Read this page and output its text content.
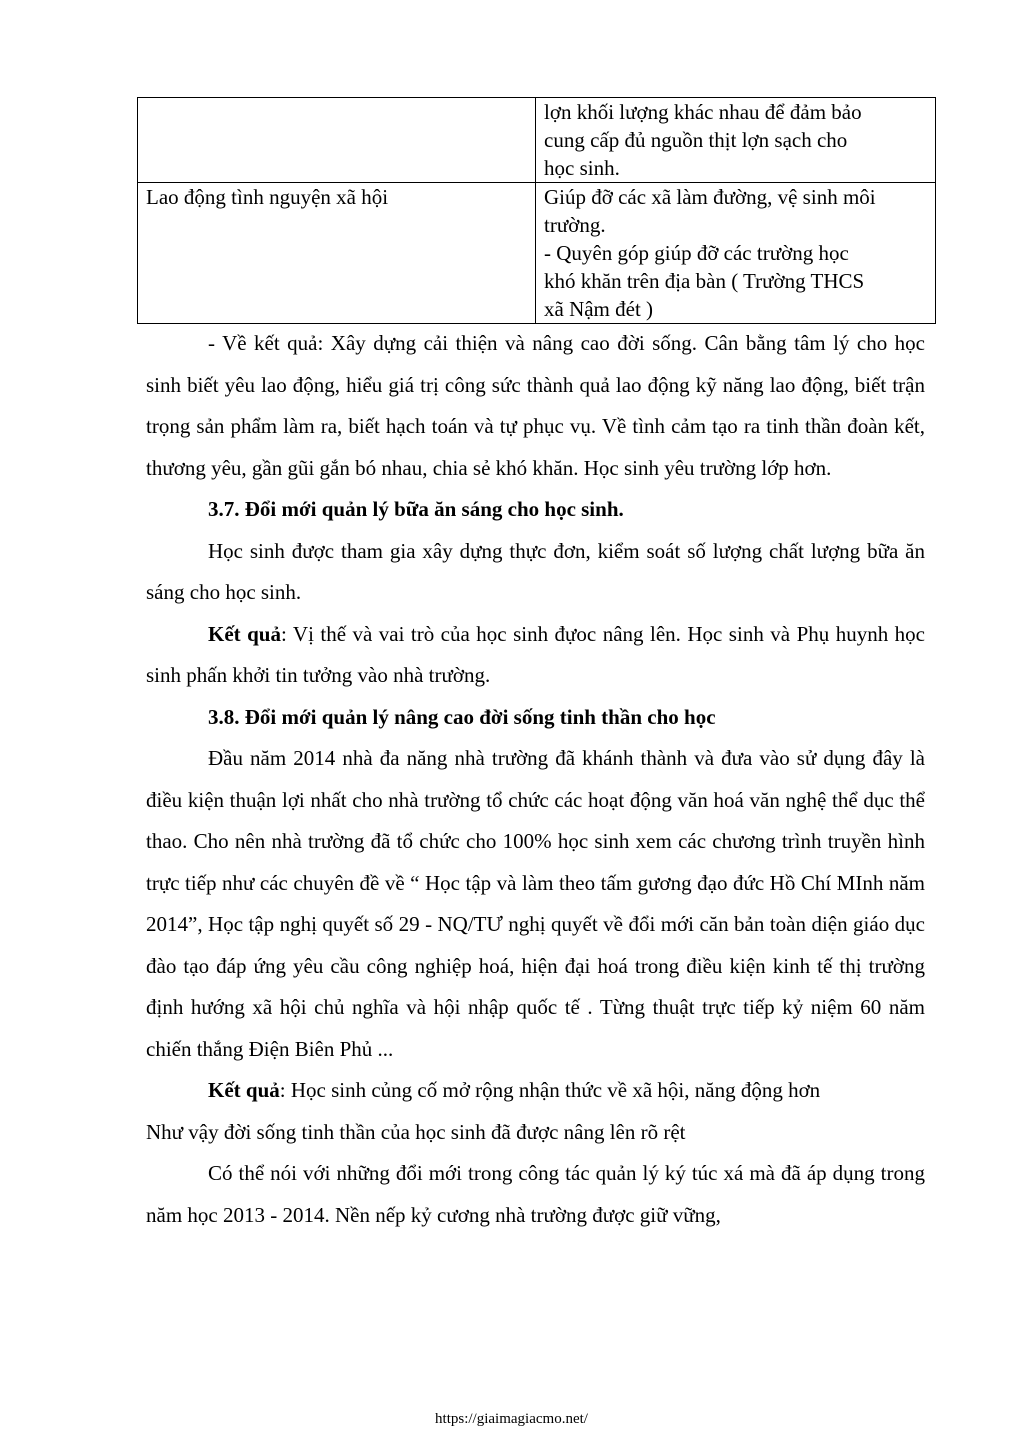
	lợn khối lượng khác nhau để đảm bảo
cung cấp đủ nguồn thịt lợn sạch cho
học sinh.

Lao động tình nguyện xã hội	Giúp đỡ các xã làm đường, vệ sinh môi
trường.
- Quyên góp giúp đỡ các trường học
khó khăn trên địa bàn ( Trường THCS
xã Nậm đét )

- Về kết quả: Xây dựng cải thiện và nâng cao đời sống. Cân bằng tâm lý cho học sinh biết yêu lao động, hiểu giá trị công sức thành quả lao động kỹ năng lao động, biết trận trọng sản phẩm làm ra, biết hạch toán và tự phục vụ. Về tình cảm tạo ra tinh thần đoàn kết, thương yêu, gần gũi gắn bó nhau, chia sẻ khó khăn. Học sinh yêu trường lớp hơn.

3.7. Đổi mới quản lý bữa ăn sáng cho học sinh.

Học sinh được tham gia xây dựng thực đơn, kiểm soát số lượng chất lượng bữa ăn sáng cho học sinh.

Kết quả: Vị thế và vai trò của học sinh đựoc nâng lên. Học sinh và Phụ huynh học sinh phấn khởi tin tưởng vào nhà trường.

3.8. Đổi mới quản lý nâng cao đời sống tinh thần cho học

Đầu năm 2014 nhà đa năng nhà trường đã khánh thành và đưa vào sử dụng đây là điều kiện thuận lợi nhất cho nhà trường tổ chức các hoạt động văn hoá văn nghệ thể dục thể thao. Cho nên nhà trường đã tổ chức cho 100% học sinh xem các chương trình truyền hình trực tiếp như các chuyên đề về “ Học tập và làm theo tấm gương đạo đức Hồ Chí MInh năm 2014”, Học tập nghị quyết số 29 - NQ/TƯ nghị quyết về đổi mới căn bản toàn diện giáo dục đào tạo đáp ứng yêu cầu công nghiệp hoá, hiện đại hoá trong điều kiện kinh tế thị trường định hướng xã hội chủ nghĩa và hội nhập quốc tế . Từng thuật trực tiếp kỷ niệm 60 năm chiến thắng Điện Biên Phủ ...

Kết quả: Học sinh củng cố mở rộng nhận thức về xã hội, năng động hơn

Như vậy đời sống tinh thần của học sinh đã được nâng lên rõ rệt

Có thể nói với những đổi mới trong công tác quản lý ký túc xá mà đã áp dụng trong năm học 2013 - 2014. Nền nếp kỷ cương nhà trường được giữ vững,

https://giaimagiacmo.net/
